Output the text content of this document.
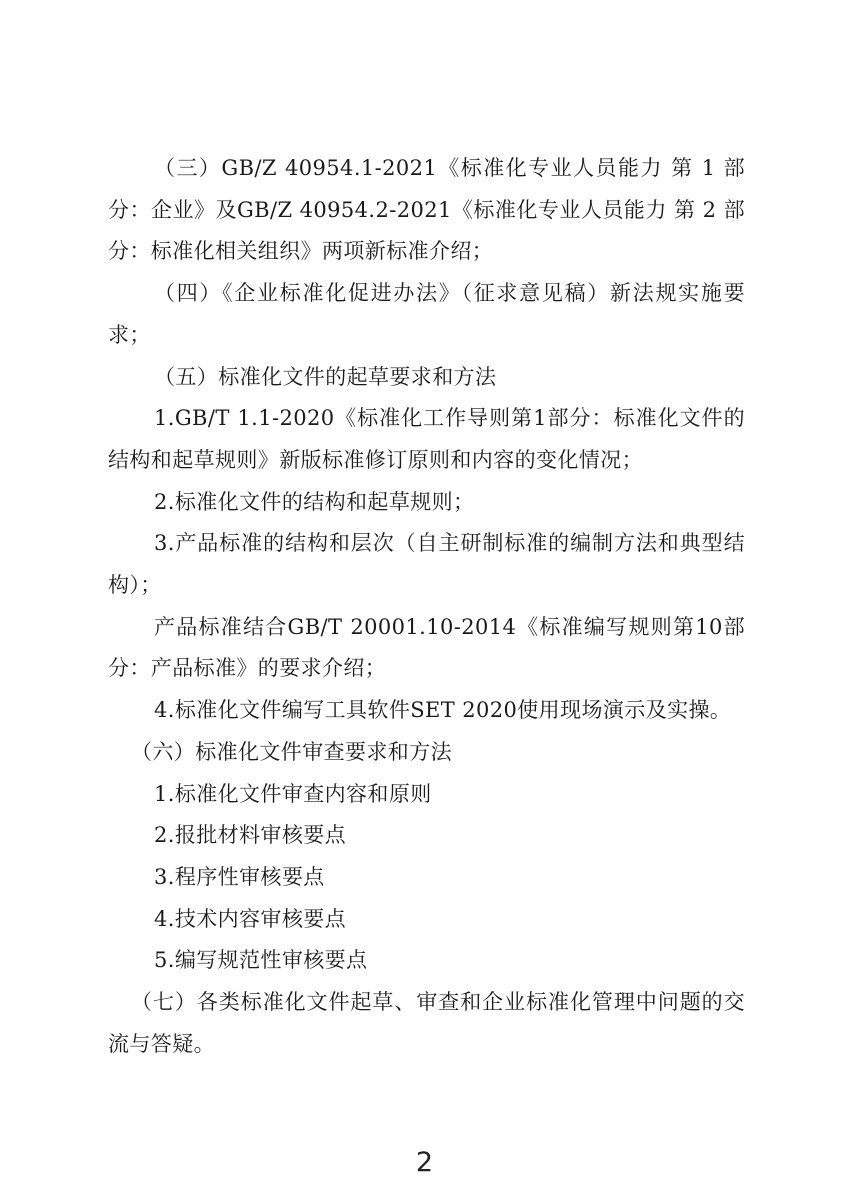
（三）GB/Z 40954.1-2021《标准化专业人员能力 第 1 部分：企业》及GB/Z 40954.2-2021《标准化专业人员能力 第 2 部分：标准化相关组织》两项新标准介绍；

（四）《企业标准化促进办法》（征求意见稿）新法规实施要求；

（五）标准化文件的起草要求和方法

1.GB/T 1.1-2020《标准化工作导则第1部分：标准化文件的结构和起草规则》新版标准修订原则和内容的变化情况；

2.标准化文件的结构和起草规则；

3.产品标准的结构和层次（自主研制标准的编制方法和典型结构）；

产品标准结合GB/T 20001.10-2014《标准编写规则第10部分：产品标准》的要求介绍；

4.标准化文件编写工具软件SET 2020使用现场演示及实操。

（六）标准化文件审查要求和方法

1.标准化文件审查内容和原则

2.报批材料审核要点

3.程序性审核要点

4.技术内容审核要点

5.编写规范性审核要点

（七）各类标准化文件起草、审查和企业标准化管理中问题的交流与答疑。

2
